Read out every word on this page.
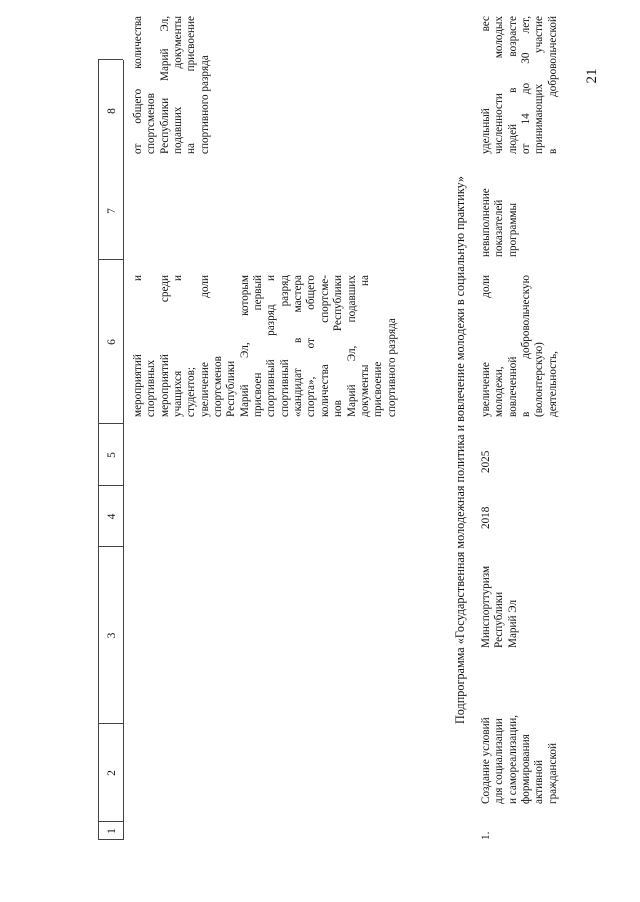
21
1
2
3
4
5
6
7
8
мероприятий и спортивных мероприятий среди учащихся и студентов; увеличение доли спортсменов Республики Марий Эл, которым присвоен первый спортивный разряд и спортивный разряд «кандидат в мастера спорта», от общего количества спортсме- нов Республики Марий Эл, подавших документы на присвоение спортивного разряда
от общего количества спортсменов Республики Марий Эл, подавших документы на присвоение спортивного разряда
Подпрограмма «Государственная молодежная политика и вовлечение молодежи в социальную практику»
1.
Создание условий для социализации и самореализации, формирования активной гражданской
Минспорттуризм Республики Марий Эл
2018
2025
увеличение доли молодежи, вовлеченной в добровольческую (волонтерскую) деятельность,
невыполнение показателей программы
удельный вес численности молодых людей в возрасте от 14 до 30 лет, принимающих участие в добровольческой
